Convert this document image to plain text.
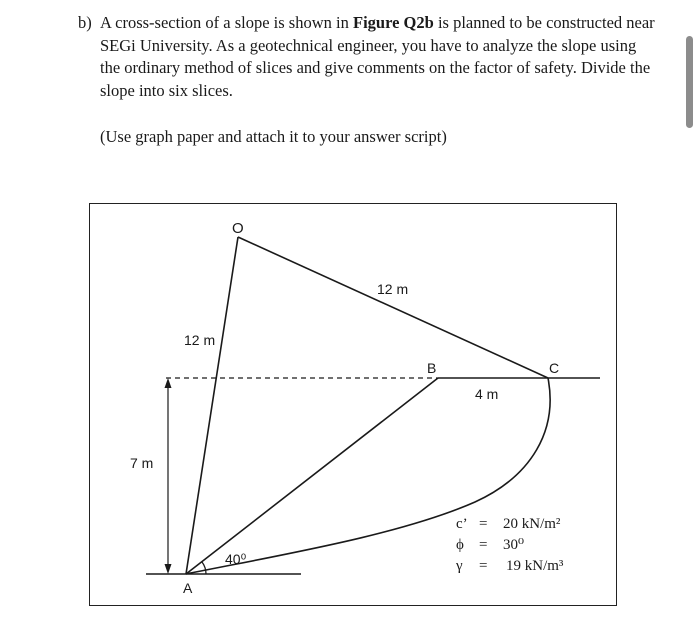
b) A cross-section of a slope is shown in Figure Q2b is planned to be constructed near SEGi University. As a geotechnical engineer, you have to analyze the slope using the ordinary method of slices and give comments on the factor of safety. Divide the slope into six slices.
(Use graph paper and attach it to your answer script)
O
A
B	C
12 m
12 m
4 m
7 m
40⁰
c’ = 20 kN/m²
ϕ = 30⁰
γ = 19 kN/m³
